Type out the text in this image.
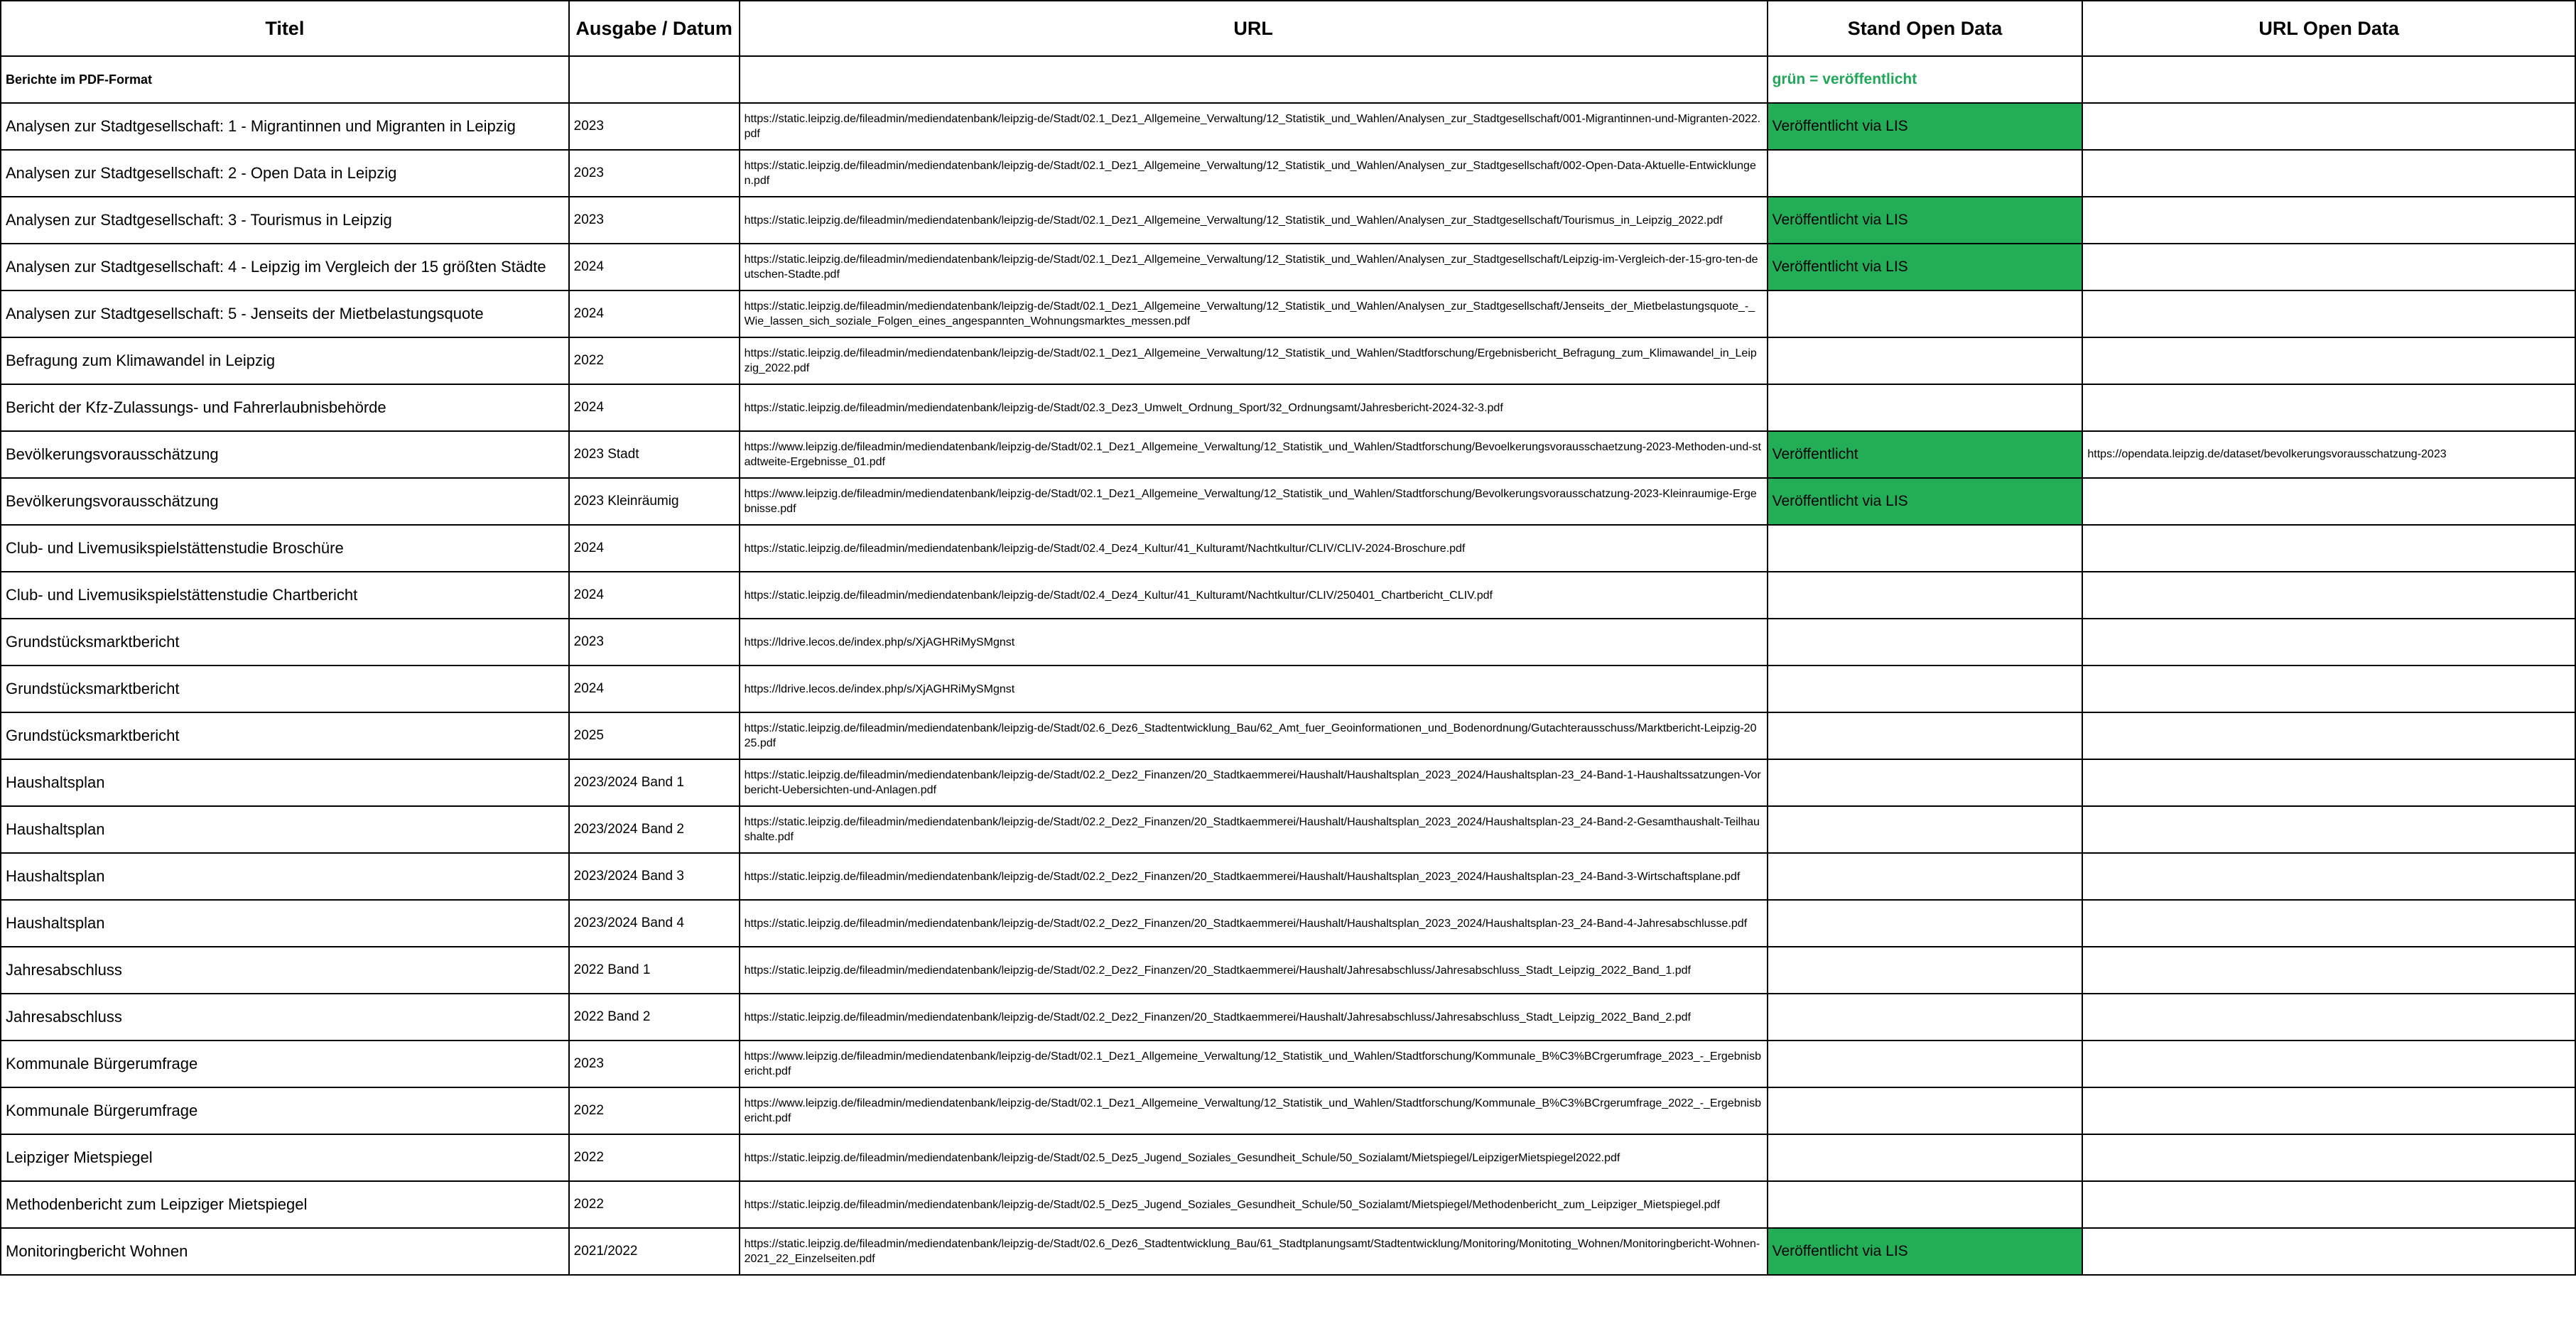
Titel	Ausgabe / Datum	URL	Stand Open Data	URL Open Data
Berichte im PDF-Format			grün = veröffentlicht	
Analysen zur Stadtgesellschaft: 1 - Migrantinnen und Migranten in Leipzig	2023	https://static.leipzig.de/fileadmin/mediendatenbank/leipzig-de/Stadt/02.1_Dez1_Allgemeine_Verwaltung/12_Statistik_und_Wahlen/Analysen_zur_Stadtgesellschaft/001-Migrantinnen-und-Migranten-2022.pdf	Veröffentlicht via LIS	
Analysen zur Stadtgesellschaft: 2 - Open Data in Leipzig	2023	https://static.leipzig.de/fileadmin/mediendatenbank/leipzig-de/Stadt/02.1_Dez1_Allgemeine_Verwaltung/12_Statistik_und_Wahlen/Analysen_zur_Stadtgesellschaft/002-Open-Data-Aktuelle-Entwicklungen.pdf		
Analysen zur Stadtgesellschaft: 3 - Tourismus in Leipzig	2023	https://static.leipzig.de/fileadmin/mediendatenbank/leipzig-de/Stadt/02.1_Dez1_Allgemeine_Verwaltung/12_Statistik_und_Wahlen/Analysen_zur_Stadtgesellschaft/Tourismus_in_Leipzig_2022.pdf	Veröffentlicht via LIS	
Analysen zur Stadtgesellschaft: 4 - Leipzig im Vergleich der 15 größten Städte	2024	https://static.leipzig.de/fileadmin/mediendatenbank/leipzig-de/Stadt/02.1_Dez1_Allgemeine_Verwaltung/12_Statistik_und_Wahlen/Analysen_zur_Stadtgesellschaft/Leipzig-im-Vergleich-der-15-gro-ten-deutschen-Stadte.pdf	Veröffentlicht via LIS	
Analysen zur Stadtgesellschaft: 5 - Jenseits der Mietbelastungsquote	2024	https://static.leipzig.de/fileadmin/mediendatenbank/leipzig-de/Stadt/02.1_Dez1_Allgemeine_Verwaltung/12_Statistik_und_Wahlen/Analysen_zur_Stadtgesellschaft/Jenseits_der_Mietbelastungsquote_-_Wie_lassen_sich_soziale_Folgen_eines_angespannten_Wohnungsmarktes_messen.pdf		
Befragung zum Klimawandel in Leipzig	2022	https://static.leipzig.de/fileadmin/mediendatenbank/leipzig-de/Stadt/02.1_Dez1_Allgemeine_Verwaltung/12_Statistik_und_Wahlen/Stadtforschung/Ergebnisbericht_Befragung_zum_Klimawandel_in_Leipzig_2022.pdf		
Bericht der Kfz-Zulassungs- und Fahrerlaubnisbehörde	2024	https://static.leipzig.de/fileadmin/mediendatenbank/leipzig-de/Stadt/02.3_Dez3_Umwelt_Ordnung_Sport/32_Ordnungsamt/Jahresbericht-2024-32-3.pdf		
Bevölkerungsvorausschätzung	2023 Stadt	https://www.leipzig.de/fileadmin/mediendatenbank/leipzig-de/Stadt/02.1_Dez1_Allgemeine_Verwaltung/12_Statistik_und_Wahlen/Stadtforschung/Bevoelkerungsvorausschaetzung-2023-Methoden-und-stadtweite-Ergebnisse_01.pdf	Veröffentlicht	https://opendata.leipzig.de/dataset/bevolkerungsvorausschatzung-2023
Bevölkerungsvorausschätzung	2023 Kleinräumig	https://www.leipzig.de/fileadmin/mediendatenbank/leipzig-de/Stadt/02.1_Dez1_Allgemeine_Verwaltung/12_Statistik_und_Wahlen/Stadtforschung/Bevolkerungsvorausschatzung-2023-Kleinraumige-Ergebnisse.pdf	Veröffentlicht via LIS	
Club- und Livemusikspielstättenstudie Broschüre	2024	https://static.leipzig.de/fileadmin/mediendatenbank/leipzig-de/Stadt/02.4_Dez4_Kultur/41_Kulturamt/Nachtkultur/CLIV/CLIV-2024-Broschure.pdf		
Club- und Livemusikspielstättenstudie Chartbericht	2024	https://static.leipzig.de/fileadmin/mediendatenbank/leipzig-de/Stadt/02.4_Dez4_Kultur/41_Kulturamt/Nachtkultur/CLIV/250401_Chartbericht_CLIV.pdf		
Grundstücksmarktbericht	2023	https://ldrive.lecos.de/index.php/s/XjAGHRiMySMgnst		
Grundstücksmarktbericht	2024	https://ldrive.lecos.de/index.php/s/XjAGHRiMySMgnst		
Grundstücksmarktbericht	2025	https://static.leipzig.de/fileadmin/mediendatenbank/leipzig-de/Stadt/02.6_Dez6_Stadtentwicklung_Bau/62_Amt_fuer_Geoinformationen_und_Bodenordnung/Gutachterausschuss/Marktbericht-Leipzig-2025.pdf		
Haushaltsplan	2023/2024 Band 1	https://static.leipzig.de/fileadmin/mediendatenbank/leipzig-de/Stadt/02.2_Dez2_Finanzen/20_Stadtkaemmerei/Haushalt/Haushaltsplan_2023_2024/Haushaltsplan-23_24-Band-1-Haushaltssatzungen-Vorbericht-Uebersichten-und-Anlagen.pdf		
Haushaltsplan	2023/2024 Band 2	https://static.leipzig.de/fileadmin/mediendatenbank/leipzig-de/Stadt/02.2_Dez2_Finanzen/20_Stadtkaemmerei/Haushalt/Haushaltsplan_2023_2024/Haushaltsplan-23_24-Band-2-Gesamthaushalt-Teilhaushalte.pdf		
Haushaltsplan	2023/2024 Band 3	https://static.leipzig.de/fileadmin/mediendatenbank/leipzig-de/Stadt/02.2_Dez2_Finanzen/20_Stadtkaemmerei/Haushalt/Haushaltsplan_2023_2024/Haushaltsplan-23_24-Band-3-Wirtschaftsplane.pdf		
Haushaltsplan	2023/2024 Band 4	https://static.leipzig.de/fileadmin/mediendatenbank/leipzig-de/Stadt/02.2_Dez2_Finanzen/20_Stadtkaemmerei/Haushalt/Haushaltsplan_2023_2024/Haushaltsplan-23_24-Band-4-Jahresabschlusse.pdf		
Jahresabschluss	2022 Band 1	https://static.leipzig.de/fileadmin/mediendatenbank/leipzig-de/Stadt/02.2_Dez2_Finanzen/20_Stadtkaemmerei/Haushalt/Jahresabschluss/Jahresabschluss_Stadt_Leipzig_2022_Band_1.pdf		
Jahresabschluss	2022 Band 2	https://static.leipzig.de/fileadmin/mediendatenbank/leipzig-de/Stadt/02.2_Dez2_Finanzen/20_Stadtkaemmerei/Haushalt/Jahresabschluss/Jahresabschluss_Stadt_Leipzig_2022_Band_2.pdf		
Kommunale Bürgerumfrage	2023	https://www.leipzig.de/fileadmin/mediendatenbank/leipzig-de/Stadt/02.1_Dez1_Allgemeine_Verwaltung/12_Statistik_und_Wahlen/Stadtforschung/Kommunale_B%C3%BCrgerumfrage_2023_-_Ergebnisbericht.pdf		
Kommunale Bürgerumfrage	2022	https://www.leipzig.de/fileadmin/mediendatenbank/leipzig-de/Stadt/02.1_Dez1_Allgemeine_Verwaltung/12_Statistik_und_Wahlen/Stadtforschung/Kommunale_B%C3%BCrgerumfrage_2022_-_Ergebnisbericht.pdf		
Leipziger Mietspiegel	2022	https://static.leipzig.de/fileadmin/mediendatenbank/leipzig-de/Stadt/02.5_Dez5_Jugend_Soziales_Gesundheit_Schule/50_Sozialamt/Mietspiegel/LeipzigerMietspiegel2022.pdf		
Methodenbericht zum Leipziger Mietspiegel	2022	https://static.leipzig.de/fileadmin/mediendatenbank/leipzig-de/Stadt/02.5_Dez5_Jugend_Soziales_Gesundheit_Schule/50_Sozialamt/Mietspiegel/Methodenbericht_zum_Leipziger_Mietspiegel.pdf		
Monitoringbericht Wohnen	2021/2022	https://static.leipzig.de/fileadmin/mediendatenbank/leipzig-de/Stadt/02.6_Dez6_Stadtentwicklung_Bau/61_Stadtplanungsamt/Stadtentwicklung/Monitoring/Monitoting_Wohnen/Monitoringbericht-Wohnen-2021_22_Einzelseiten.pdf	Veröffentlicht via LIS	
